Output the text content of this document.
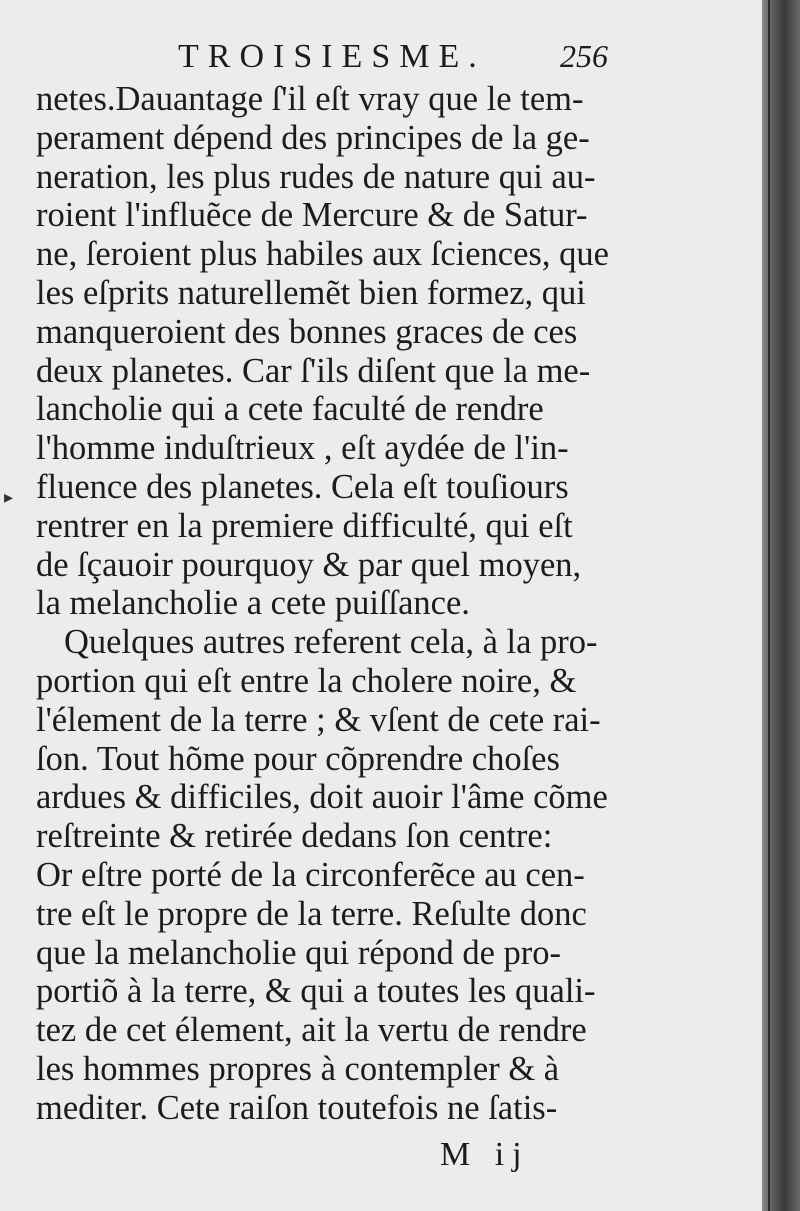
TROISIESME. 256
▸
netes.Dauantage ſ'il eſt vray que le tem-
perament dépend des principes de la ge-
neration, les plus rudes de nature qui au-
roient l'influẽce de Mercure & de Satur-
ne, ſeroient plus habiles aux ſciences, que
les eſprits naturellemẽt bien formez, qui
manqueroient des bonnes graces de ces
deux planetes. Car ſ'ils diſent que la me-
lancholie qui a cete faculté de rendre
l'homme induſtrieux , eſt aydée de l'in-
fluence des planetes. Cela eſt touſiours
rentrer en la premiere difficulté, qui eſt
de ſçauoir pourquoy & par quel moyen,
la melancholie a cete puiſſance.
Quelques autres referent cela, à la pro-
portion qui eſt entre la cholere noire, &
l'élement de la terre ; & vſent de cete rai-
ſon. Tout hõme pour cõprendre choſes
ardues & difficiles, doit auoir l'âme cõme
reſtreinte & retirée dedans ſon centre:
Or eſtre porté de la circonferẽce au cen-
tre eſt le propre de la terre. Reſulte donc
que la melancholie qui répond de pro-
portiõ à la terre, & qui a toutes les quali-
tez de cet élement, ait la vertu de rendre
les hommes propres à contempler & à
mediter. Cete raiſon toutefois ne ſatis-
M ij
